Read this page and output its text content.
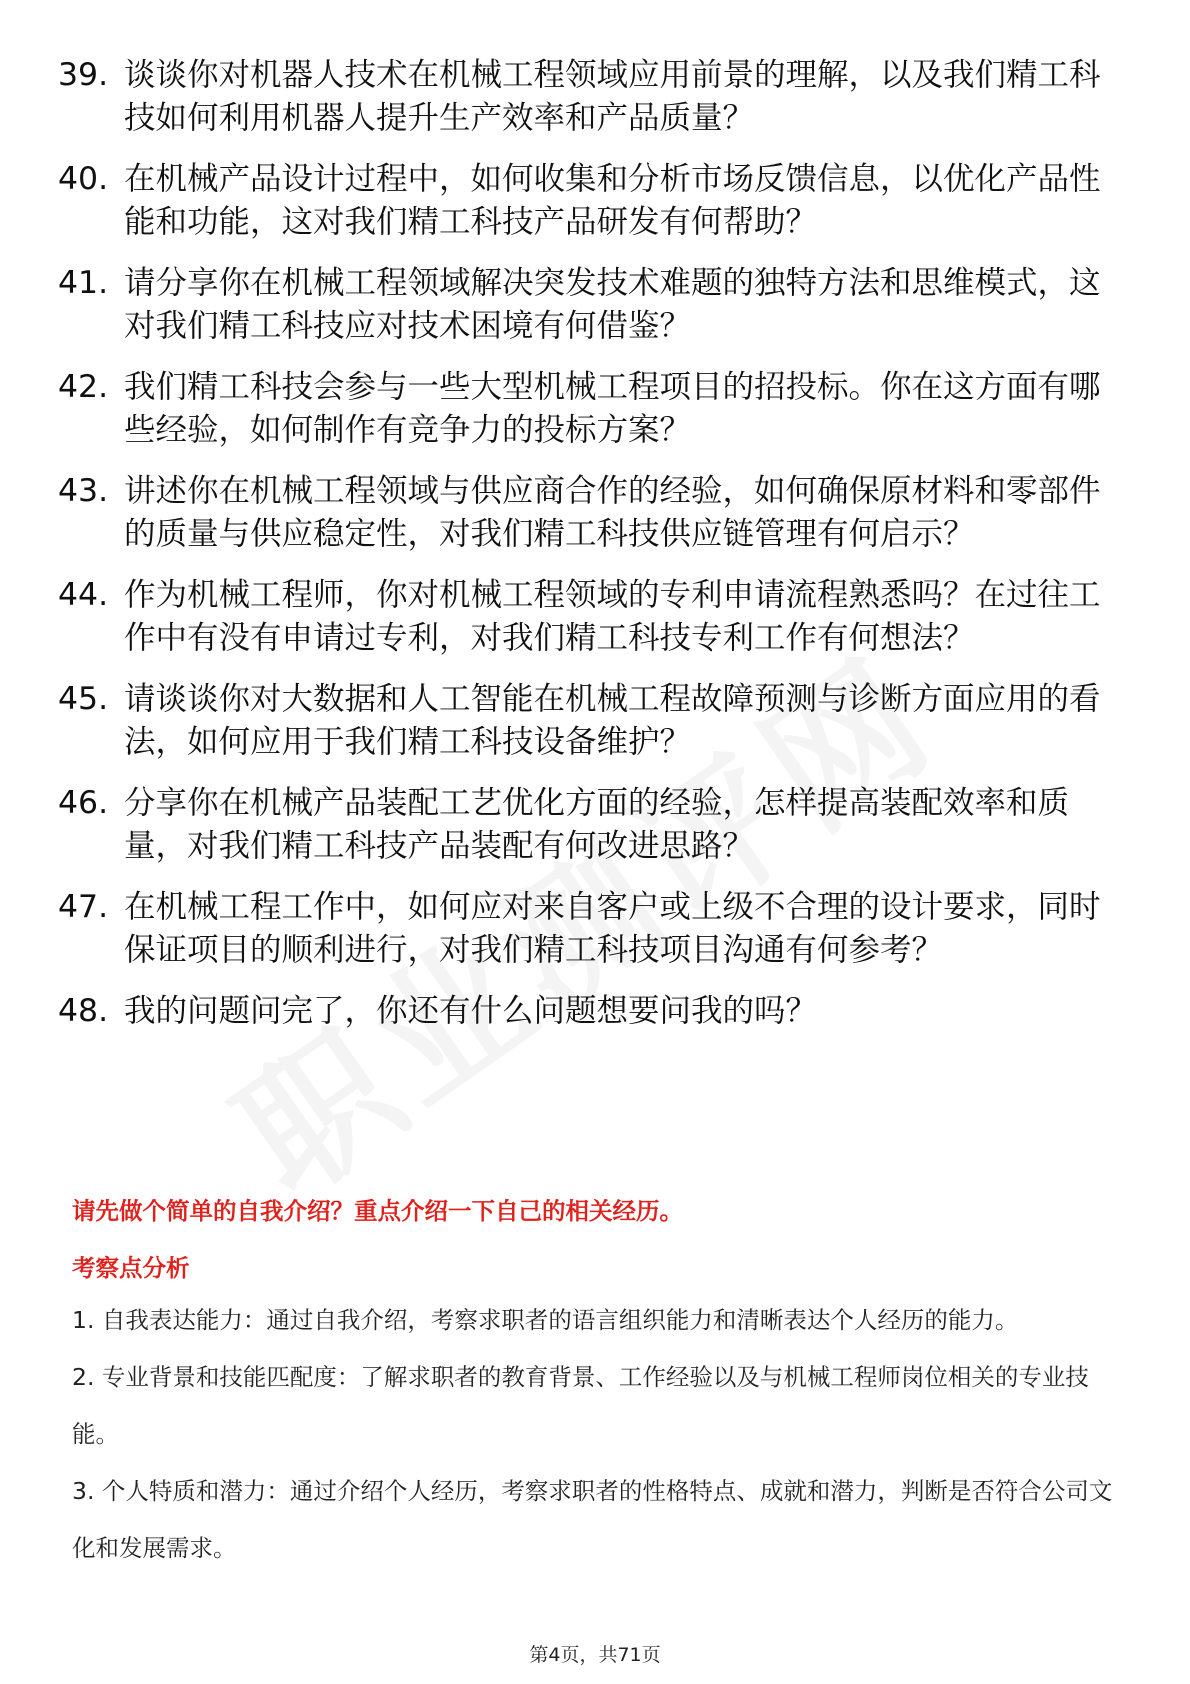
39. 谈谈你对机器人技术在机械工程领域应用前景的理解，以及我们精工科技如何利用机器人提升生产效率和产品质量？
40. 在机械产品设计过程中，如何收集和分析市场反馈信息，以优化产品性能和功能，这对我们精工科技产品研发有何帮助？
41. 请分享你在机械工程领域解决突发技术难题的独特方法和思维模式，这对我们精工科技应对技术困境有何借鉴？
42. 我们精工科技会参与一些大型机械工程项目的招投标。你在这方面有哪些经验，如何制作有竞争力的投标方案？
43. 讲述你在机械工程领域与供应商合作的经验，如何确保原材料和零部件的质量与供应稳定性，对我们精工科技供应链管理有何启示？
44. 作为机械工程师，你对机械工程领域的专利申请流程熟悉吗？在过往工作中有没有申请过专利，对我们精工科技专利工作有何想法？
45. 请谈谈你对大数据和人工智能在机械工程故障预测与诊断方面应用的看法，如何应用于我们精工科技设备维护？
46. 分享你在机械产品装配工艺优化方面的经验，怎样提高装配效率和质量，对我们精工科技产品装配有何改进思路？
47. 在机械工程工作中，如何应对来自客户或上级不合理的设计要求，同时保证项目的顺利进行，对我们精工科技项目沟通有何参考？
48. 我的问题问完了，你还有什么问题想要问我的吗？
请先做个简单的自我介绍？重点介绍一下自己的相关经历。
考察点分析
1. 自我表达能力：通过自我介绍，考察求职者的语言组织能力和清晰表达个人经历的能力。
2. 专业背景和技能匹配度：了解求职者的教育背景、工作经验以及与机械工程师岗位相关的专业技能。
3. 个人特质和潜力：通过介绍个人经历，考察求职者的性格特点、成就和潜力，判断是否符合公司文化和发展需求。
第4页，共71页
